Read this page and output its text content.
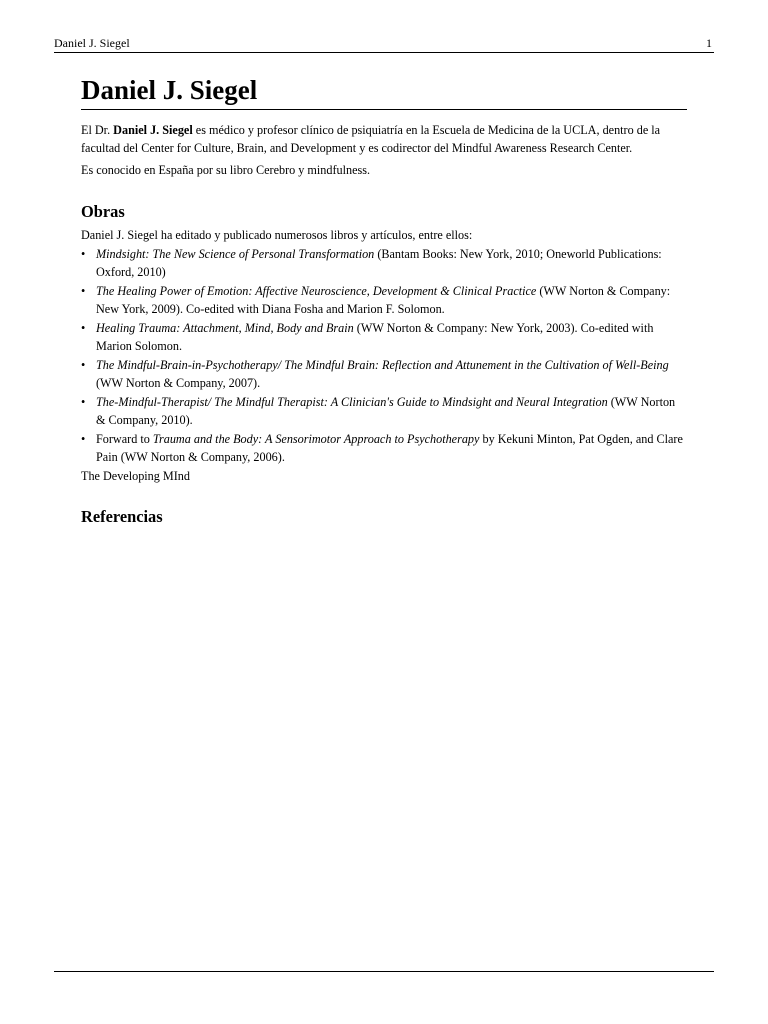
Daniel J. Siegel	1
Daniel J. Siegel

El Dr. Daniel J. Siegel es médico y profesor clínico de psiquiatría en la Escuela de Medicina de la UCLA, dentro de la facultad del Center for Culture, Brain, and Development y es codirector del Mindful Awareness Research Center.

Es conocido en España por su libro Cerebro y mindfulness.

Obras

Daniel J. Siegel ha editado y publicado numerosos libros y artículos, entre ellos:

• Mindsight: The New Science of Personal Transformation (Bantam Books: New York, 2010; Oneworld Publications: Oxford, 2010)
• The Healing Power of Emotion: Affective Neuroscience, Development & Clinical Practice (WW Norton & Company: New York, 2009). Co-edited with Diana Fosha and Marion F. Solomon.
• Healing Trauma: Attachment, Mind, Body and Brain (WW Norton & Company: New York, 2003). Co-edited with Marion Solomon.
• The Mindful-Brain-in-Psychotherapy/ The Mindful Brain: Reflection and Attunement in the Cultivation of Well-Being (WW Norton & Company, 2007).
• The-Mindful-Therapist/ The Mindful Therapist: A Clinician's Guide to Mindsight and Neural Integration (WW Norton & Company, 2010).
• Forward to Trauma and the Body: A Sensorimotor Approach to Psychotherapy by Kekuni Minton, Pat Ogden, and Clare Pain (WW Norton & Company, 2006).

The Developing MInd

Referencias
